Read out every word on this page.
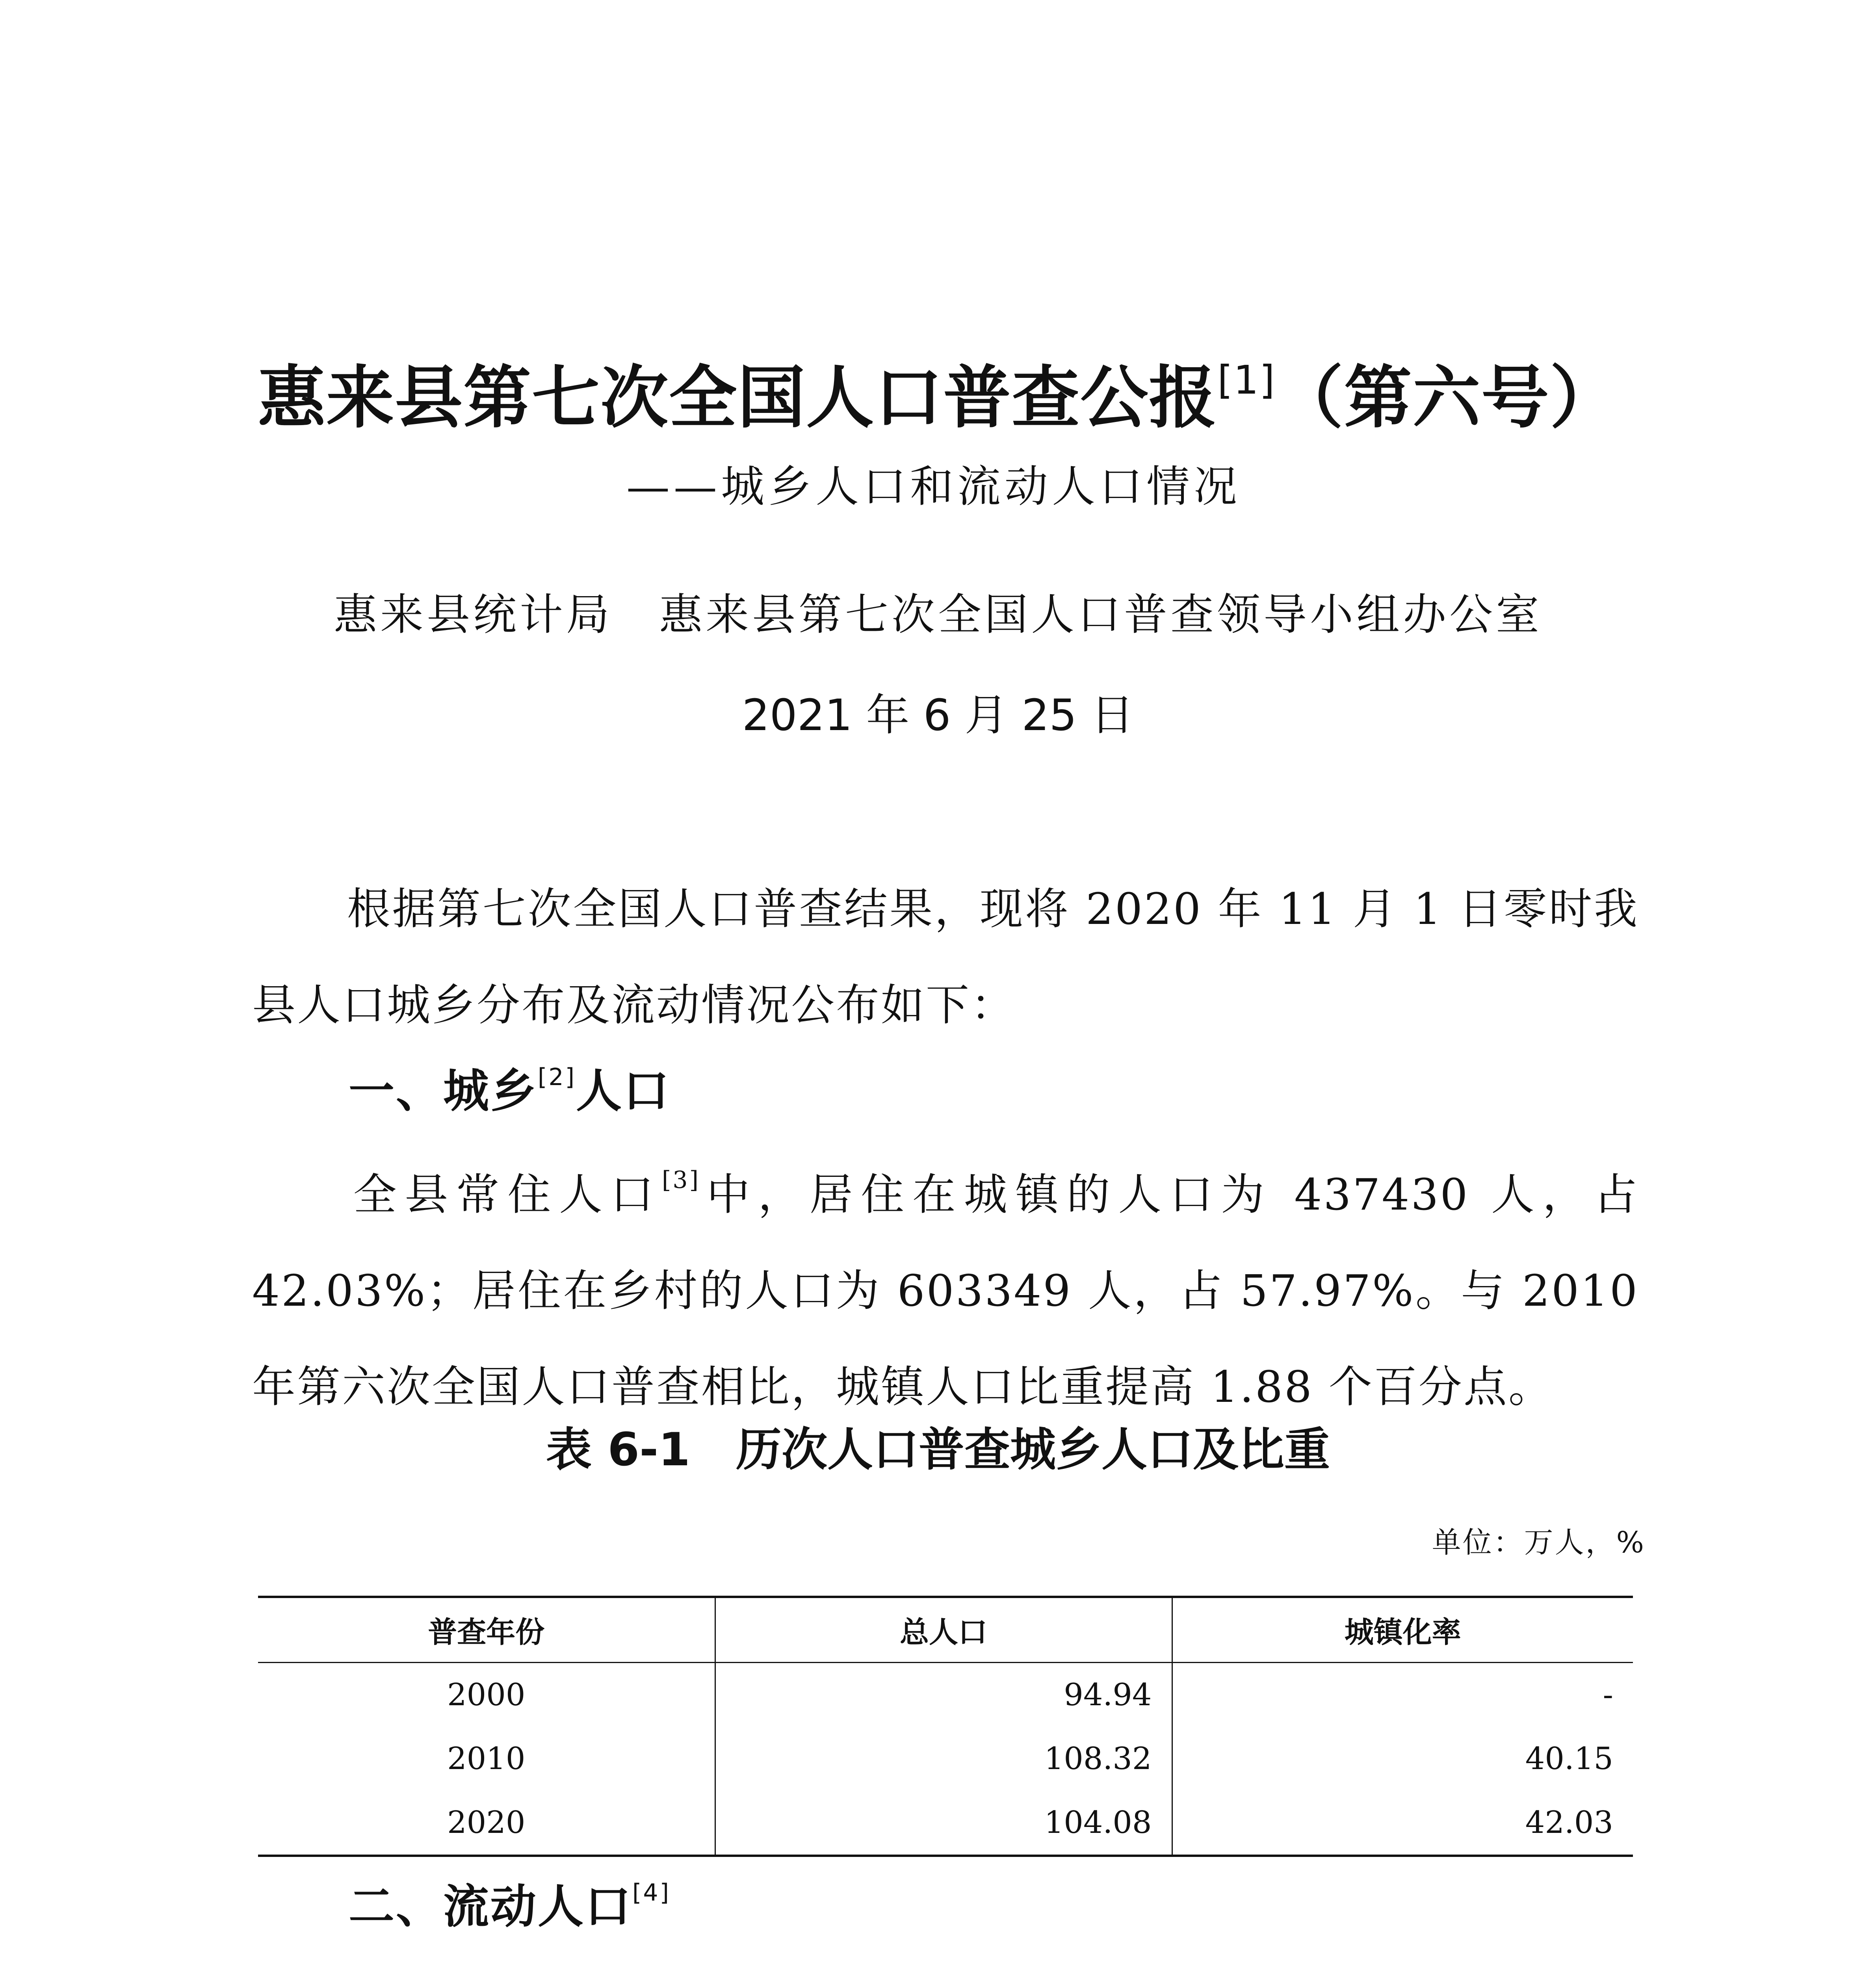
惠来县第七次全国人口普查公报[1]（第六号）
——城乡人口和流动人口情况
惠来县统计局　惠来县第七次全国人口普查领导小组办公室
2021 年 6 月 25 日
根据第七次全国人口普查结果，现将 2020 年 11 月 1 日零时我县人口城乡分布及流动情况公布如下：
一、城乡[2]人口
全县常住人口[3]中，居住在城镇的人口为 437430 人，占 42.03%；居住在乡村的人口为 603349 人，占 57.97%。与 2010 年第六次全国人口普查相比，城镇人口比重提高 1.88 个百分点。
表 6-1　历次人口普查城乡人口及比重
单位：万人，%
普查年份	总人口	城镇化率
2000	94.94	-
2010	108.32	40.15
2020	104.08	42.03
二、流动人口[4]
